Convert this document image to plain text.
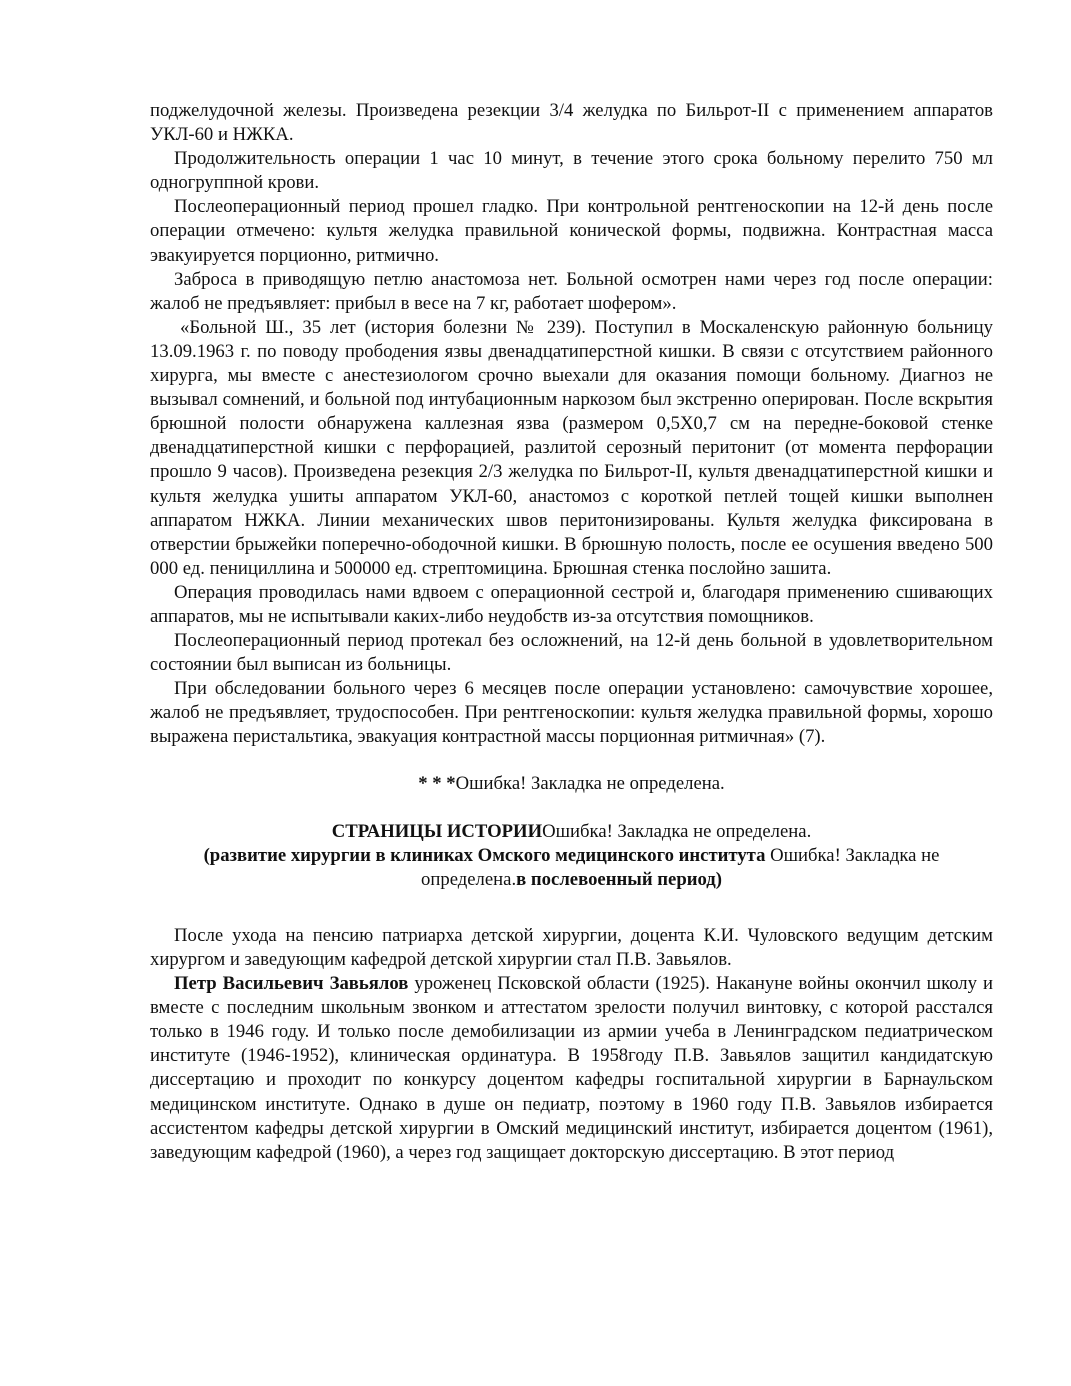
поджелудочной железы. Произведена резекции 3/4 желудка по Бильрот-II с применением аппаратов УКЛ-60 и НЖКА.

Продолжительность операции 1 час 10 минут, в течение этого срока больному перелито 750 мл одногруппной крови.

Послеоперационный период прошел гладко. При контрольной рентгеноскопии на 12-й день после операции отмечено: культя желудка правильной конической формы, подвижна. Контрастная масса эвакуируется порционно, ритмично.

Заброса в приводящую петлю анастомоза нет. Больной осмотрен нами через год после операции: жалоб не предъявляет: прибыл в весе на 7 кг, работает шофером».

«Больной Ш., 35 лет (история болезни № 239). Поступил в Москаленскую районную больницу 13.09.1963 г. по поводу прободения язвы двенадцатиперстной кишки. В связи с отсутствием районного хирурга, мы вместе с анестезиологом срочно выехали для оказания помощи больному. Диагноз не вызывал сомнений, и больной под интубационным наркозом был экстренно оперирован. После вскрытия брюшной полости обнаружена каллезная язва (размером 0,5Х0,7 см на передне-боковой стенке двенадцатиперстной кишки с перфорацией, разлитой серозный перитонит (от момента перфорации прошло 9 часов). Произведена резекция 2/3 желудка по Бильрот-II, культя двенадцатиперстной кишки и культя желудка ушиты аппаратом УКЛ-60, анастомоз с короткой петлей тощей кишки выполнен аппаратом НЖКА. Линии механических швов перитонизированы. Культя желудка фиксирована в отверстии брыжейки поперечно-ободочной кишки. В брюшную полость, после ее осушения введено 500 000 ед. пенициллина и 500000 ед. стрептомицина. Брюшная стенка послойно зашита.

Операция проводилась нами вдвоем с операционной сестрой и, благодаря применению сшивающих аппаратов, мы не испытывали каких-либо неудобств из-за отсутствия помощников.

Послеоперационный период протекал без осложнений, на 12-й день больной в удовлетворительном состоянии был выписан из больницы.

При обследовании больного через 6 месяцев после операции установлено: самочувствие хорошее, жалоб не предъявляет, трудоспособен. При рентгеноскопии: культя желудка правильной формы, хорошо выражена перистальтика, эвакуация контрастной массы порционная ритмичная» (7).

* * *Ошибка! Закладка не определена.
СТРАНИЦЫ ИСТОРИИОшибка! Закладка не определена.
(развитие хирургии в клиниках Омского медицинского института Ошибка! Закладка не определена.в послевоенный период)

После ухода на пенсию патриарха детской хирургии, доцента К.И. Чуловского ведущим детским хирургом и заведующим кафедрой детской хирургии стал П.В. Завьялов.

Петр Васильевич Завьялов уроженец Псковской области (1925). Накануне войны окончил школу и вместе с последним школьным звонком и аттестатом зрелости получил винтовку, с которой расстался только в 1946 году. И только после демобилизации из армии учеба в Ленинградском педиатрическом институте (1946-1952), клиническая ординатура. В 1958году П.В. Завьялов защитил кандидатскую диссертацию и проходит по конкурсу доцентом кафедры госпитальной хирургии в Барнаульском медицинском институте. Однако в душе он педиатр, поэтому в 1960 году П.В. Завьялов избирается ассистентом кафедры детской хирургии в Омский медицинский институт, избирается доцентом (1961), заведующим кафедрой (1960), а через год защищает докторскую диссертацию. В этот период
